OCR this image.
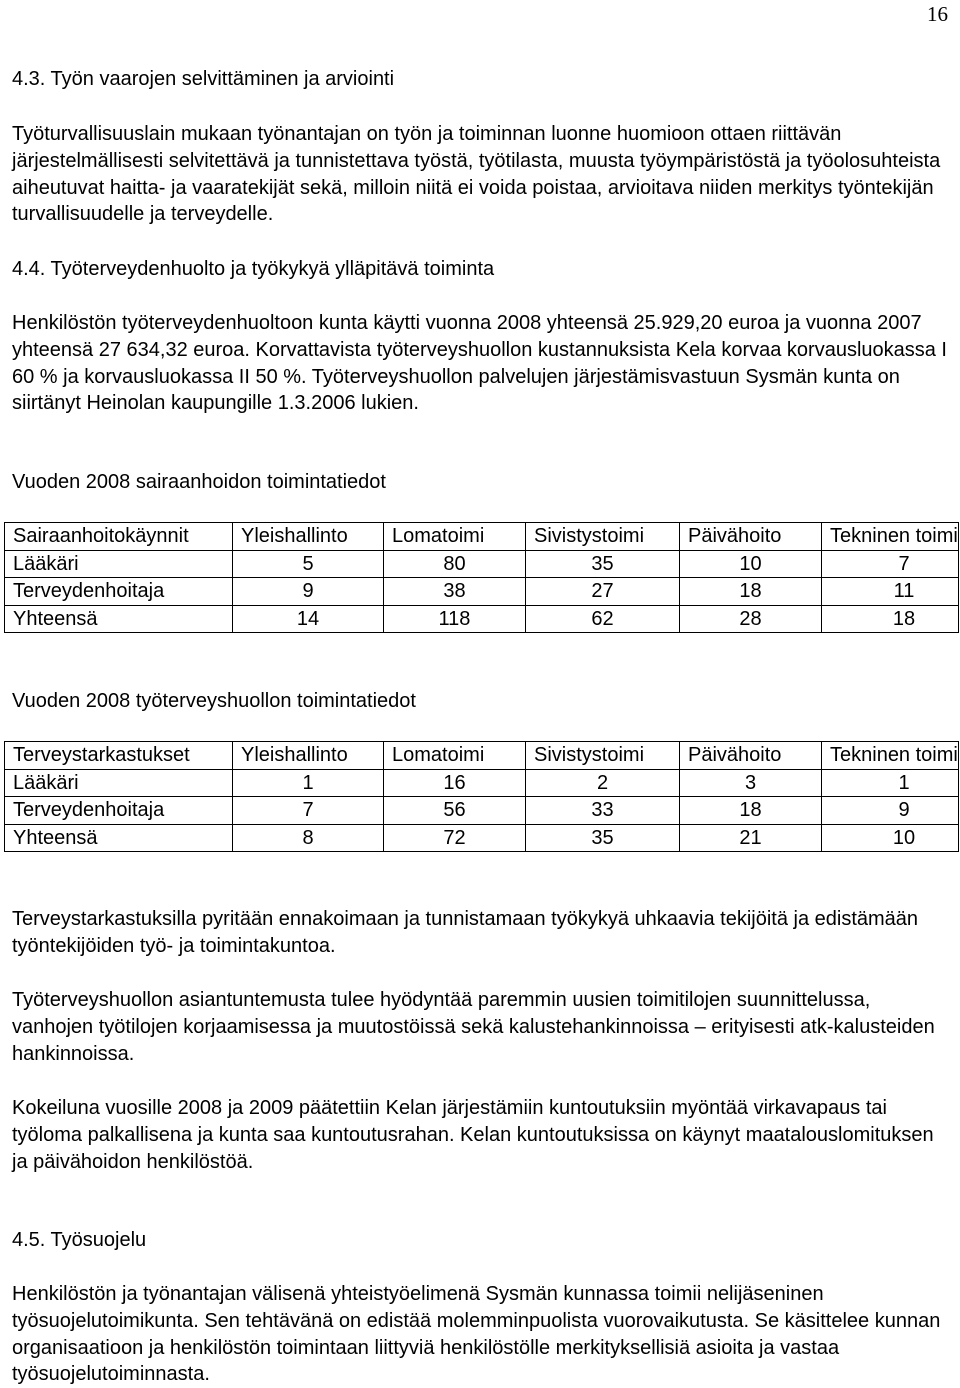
16
4.3. Työn vaarojen selvittäminen ja arviointi

Työturvallisuuslain mukaan työnantajan on työn ja toiminnan luonne huomioon ottaen riittävän järjestelmällisesti selvitettävä ja tunnistettava työstä, työtilasta, muusta työympäristöstä ja työolosuhteista aiheutuvat haitta- ja vaaratekijät sekä, milloin niitä ei voida poistaa, arvioitava niiden merkitys työntekijän turvallisuudelle ja terveydelle.

4.4. Työterveydenhuolto ja työkykyä ylläpitävä toiminta

Henkilöstön työterveydenhuoltoon kunta käytti vuonna 2008 yhteensä 25.929,20 euroa ja vuonna 2007 yhteensä 27 634,32 euroa. Korvattavista työterveyshuollon kustannuksista Kela korvaa korvausluokassa I 60 % ja korvausluokassa II 50 %. Työterveyshuollon palvelujen järjestämisvastuun Sysmän kunta on siirtänyt Heinolan kaupungille 1.3.2006 lukien.

Vuoden 2008 sairaanhoidon toimintatiedot

Sairaanhoitokäynnit	Yleishallinto	Lomatoimi	Sivistystoimi	Päivähoito	Tekninen toimi
Lääkäri	5	80	35	10	7
Terveydenhoitaja	9	38	27	18	11
Yhteensä	14	118	62	28	18

Vuoden 2008 työterveyshuollon toimintatiedot

Terveystarkastukset	Yleishallinto	Lomatoimi	Sivistystoimi	Päivähoito	Tekninen toimi
Lääkäri	1	16	2	3	1
Terveydenhoitaja	7	56	33	18	9
Yhteensä	8	72	35	21	10

Terveystarkastuksilla pyritään ennakoimaan ja tunnistamaan työkykyä uhkaavia tekijöitä ja edistämään työntekijöiden työ- ja toimintakuntoa.

Työterveyshuollon asiantuntemusta tulee hyödyntää paremmin uusien toimitilojen suunnittelussa, vanhojen työtilojen korjaamisessa ja muutostöissä sekä kalustehankinnoissa – erityisesti atk-kalusteiden hankinnoissa.

Kokeiluna vuosille 2008 ja 2009 päätettiin Kelan järjestämiin kuntoutuksiin myöntää virkavapaus tai työloma palkallisena ja kunta saa kuntoutusrahan. Kelan kuntoutuksissa on käynyt maatalouslomituksen ja päivähoidon henkilöstöä.

4.5. Työsuojelu

Henkilöstön ja työnantajan välisenä yhteistyöelimenä Sysmän kunnassa toimii nelijäseninen työsuojelutoimikunta. Sen tehtävänä on edistää molemminpuolista vuorovaikutusta. Se käsittelee kunnan organisaatioon ja henkilöstön toimintaan liittyviä henkilöstölle merkityksellisiä asioita ja vastaa työsuojelutoiminnasta.
